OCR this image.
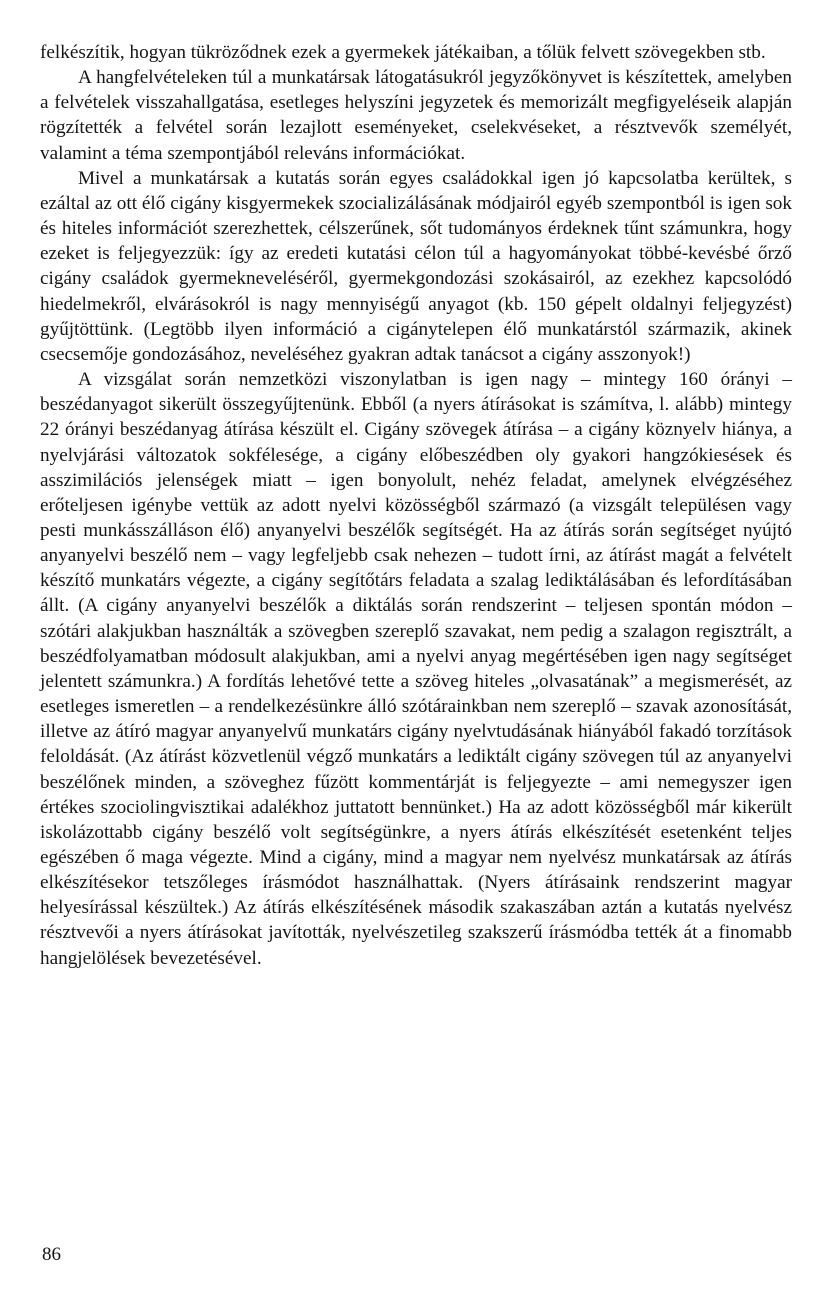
felkészítik, hogyan tükröződnek ezek a gyermekek játékaiban, a tőlük felvett szövegekben stb.

A hangfelvételeken túl a munkatársak látogatásukról jegyzőkönyvet is készítettek, amelyben a felvételek visszahallgatása, esetleges helyszíni jegyzetek és memorizált megfigyeléseik alapján rögzítették a felvétel során lezajlott eseményeket, cselekvéseket, a résztvevők személyét, valamint a téma szempontjából releváns információkat.

Mivel a munkatársak a kutatás során egyes családokkal igen jó kapcsolatba kerültek, s ezáltal az ott élő cigány kisgyermekek szocializálásának módjairól egyéb szempontból is igen sok és hiteles információt szerezhettek, célszerűnek, sőt tudományos érdeknek tűnt számunkra, hogy ezeket is feljegyezzük: így az eredeti kutatási célon túl a hagyományokat többé-kevésbé őrző cigány családok gyermekneveléséről, gyermekgondozási szokásairól, az ezekhez kapcsolódó hiedelmekről, elvárásokról is nagy mennyiségű anyagot (kb. 150 gépelt oldalnyi feljegyzést) gyűjtöttünk. (Legtöbb ilyen információ a cigánytelepen élő munkatárstól származik, akinek csecsemője gondozásához, neveléséhez gyakran adtak tanácsot a cigány asszonyok!)

A vizsgálat során nemzetközi viszonylatban is igen nagy – mintegy 160 órányi – beszédanyagot sikerült összegyűjtenünk. Ebből (a nyers átírásokat is számítva, l. alább) mintegy 22 órányi beszédanyag átírása készült el. Cigány szövegek átírása – a cigány köznyelv hiánya, a nyelvjárási változatok sokfélesége, a cigány előbeszédben oly gyakori hangzókiesések és asszimilációs jelenségek miatt – igen bonyolult, nehéz feladat, amelynek elvégzéséhez erőteljesen igénybe vettük az adott nyelvi közösségből származó (a vizsgált településen vagy pesti munkásszálláson élő) anyanyelvi beszélők segítségét. Ha az átírás során segítséget nyújtó anyanyelvi beszélő nem – vagy legfeljebb csak nehezen – tudott írni, az átírást magát a felvételt készítő munkatárs végezte, a cigány segítőtárs feladata a szalag lediktálásában és lefordításában állt. (A cigány anyanyelvi beszélők a diktálás során rendszerint – teljesen spontán módon – szótári alakjukban használták a szövegben szereplő szavakat, nem pedig a szalagon regisztrált, a beszédfolyamatban módosult alakjukban, ami a nyelvi anyag megértésében igen nagy segítséget jelentett számunkra.) A fordítás lehetővé tette a szöveg hiteles „olvasatának” a megismerését, az esetleges ismeretlen – a rendelkezésünkre álló szótárainkban nem szereplő – szavak azonosítását, illetve az átíró magyar anyanyelvű munkatárs cigány nyelvtudásának hiányából fakadó torzítások feloldását. (Az átírást közvetlenül végző munkatárs a lediktált cigány szövegen túl az anyanyelvi beszélőnek minden, a szöveghez fűzött kommentárját is feljegyezte – ami nemegyszer igen értékes szociolingvisztikai adalékhoz juttatott bennünket.) Ha az adott közösségből már kikerült iskolázottabb cigány beszélő volt segítségünkre, a nyers átírás elkészítését esetenként teljes egészében ő maga végezte. Mind a cigány, mind a magyar nem nyelvész munkatársak az átírás elkészítésekor tetszőleges írásmódot használhattak. (Nyers átírásaink rendszerint magyar helyesírással készültek.) Az átírás elkészítésének második szakaszában aztán a kutatás nyelvész résztvevői a nyers átírásokat javították, nyelvészetileg szakszerű írásmódba tették át a finomabb hangjelölések bevezetésével.

86
